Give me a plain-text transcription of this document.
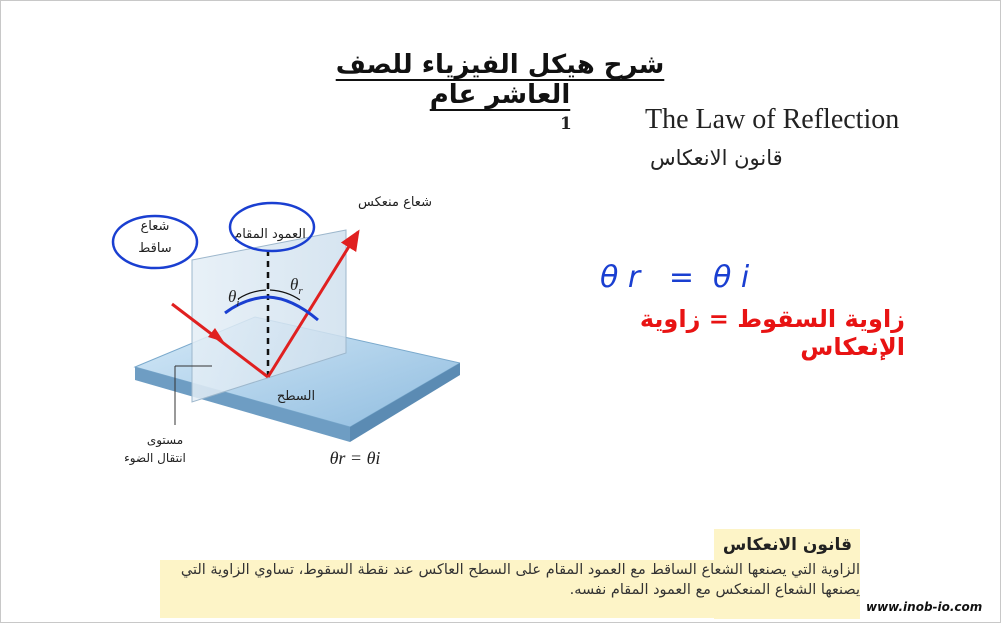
شرح هيكل الفيزياء للصف العاشر عام
1	The Law of Reflection
قانون الانعكاس
θ r   =  θ i
زاوية السقوط = زاوية الإنعكاس
$\theta_i$
$\theta_r$
العمود المقام
شعاع منعكس
شعاع
ساقط
السطح
مستوى
انتقال الضوء	θr = θi
قانون الانعكاس
الزاوية التي يصنعها الشعاع الساقط مع العمود المقام على السطح العاكس عند نقطة السقوط، تساوي الزاوية التي يصنعها الشعاع المنعكس مع العمود المقام نفسه.
www.inob-io.com
